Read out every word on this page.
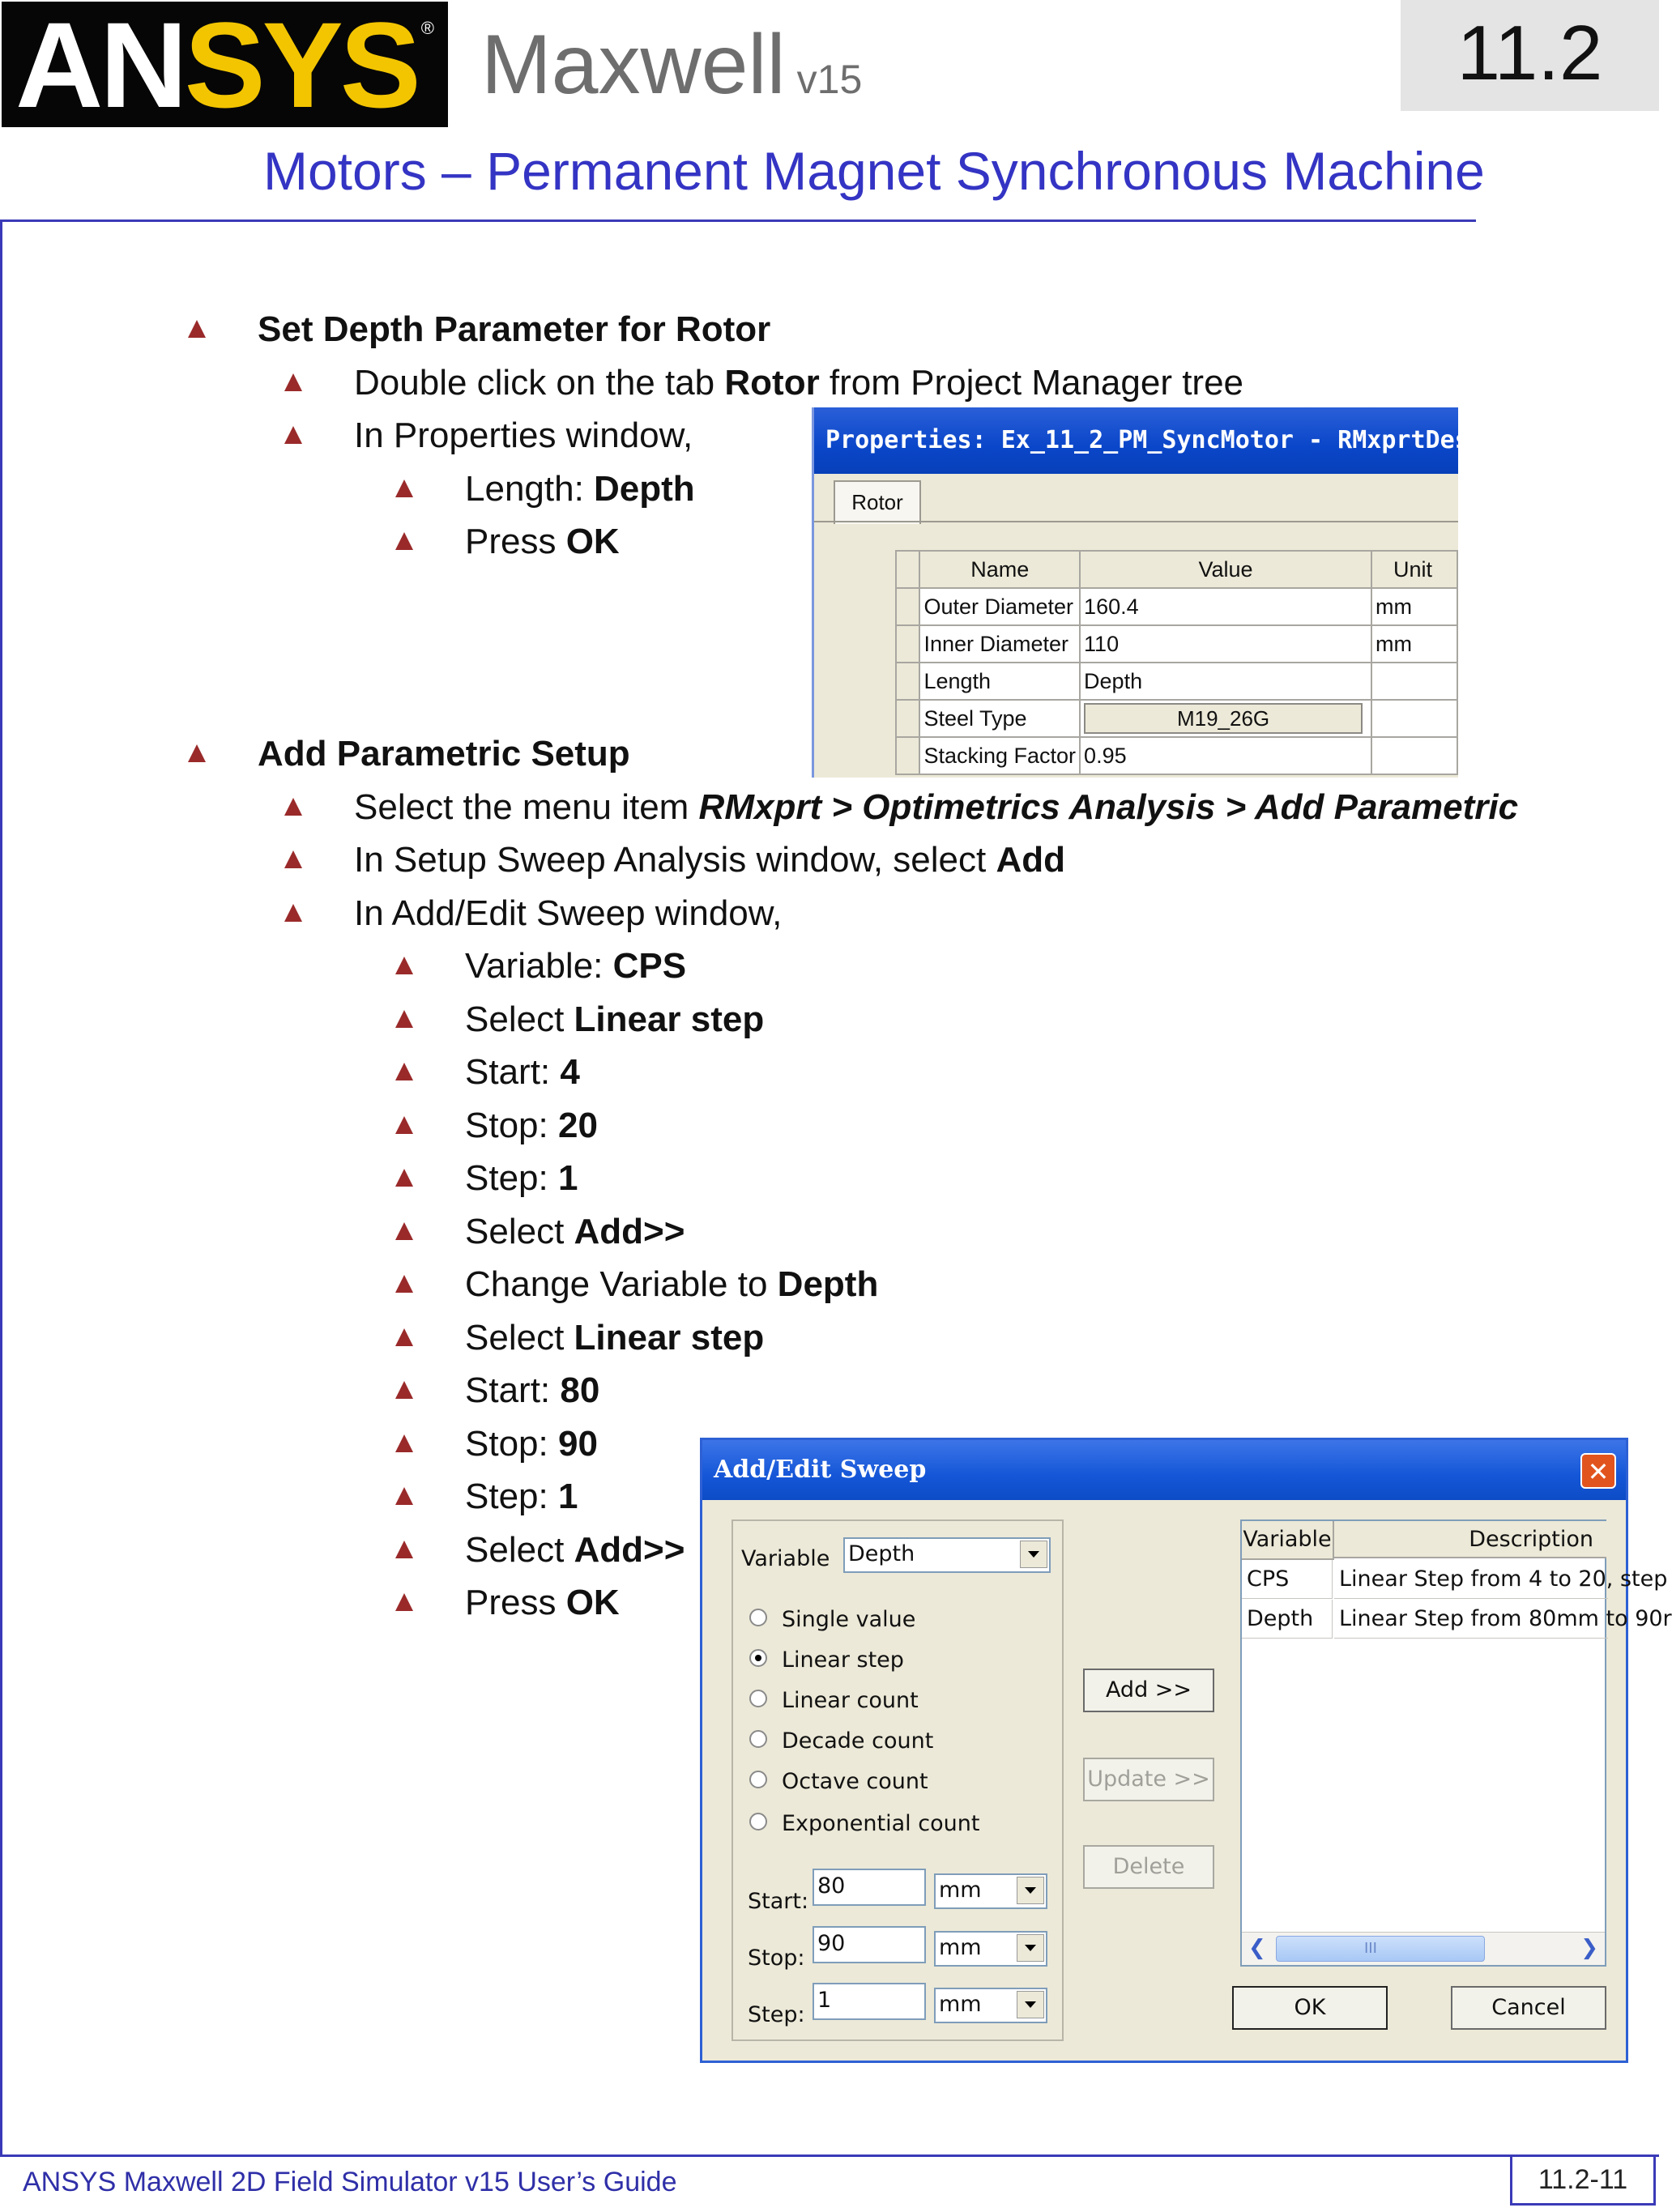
AN SYS ® Maxwell v15	11.2
Motors – Permanent Magnet Synchronous Machine
Set Depth Parameter for Rotor
Double click on the tab Rotor from Project Manager tree
In Properties window,
Length: Depth
Press OK
Add Parametric Setup
Select the menu item RMxprt > Optimetrics Analysis > Add Parametric
In Setup Sweep Analysis window, select Add
In Add/Edit Sweep window,
Variable: CPS
Select Linear step
Start: 4
Stop: 20
Step: 1
Select Add>>
Change Variable to Depth
Select Linear step
Start: 80
Stop: 90
Step: 1
Select Add>>
Press OK
Properties: Ex_11_2_PM_SyncMotor - RMxprtDesign1
Rotor
	Name	Value	Unit
	Outer Diameter	160.4	mm
	Inner Diameter	110	mm
	Length	Depth	
	Steel Type	M19_26G	
	Stacking Factor	0.95	
Add/Edit Sweep	✕
Variable Depth
Single value
Linear step
Linear count
Decade count
Octave count
Exponential count
Start:
80	mm
Stop:
90	mm
Step:
1	mm
Add >>
Update >>
Delete
Variable	Description
CPS	Linear Step from 4 to 20, step
Depth	Linear Step from 80mm to 90r
❮	III	❯
OK	Cancel
ANSYS Maxwell 2D Field Simulator v15 User’s Guide	11.2-11
